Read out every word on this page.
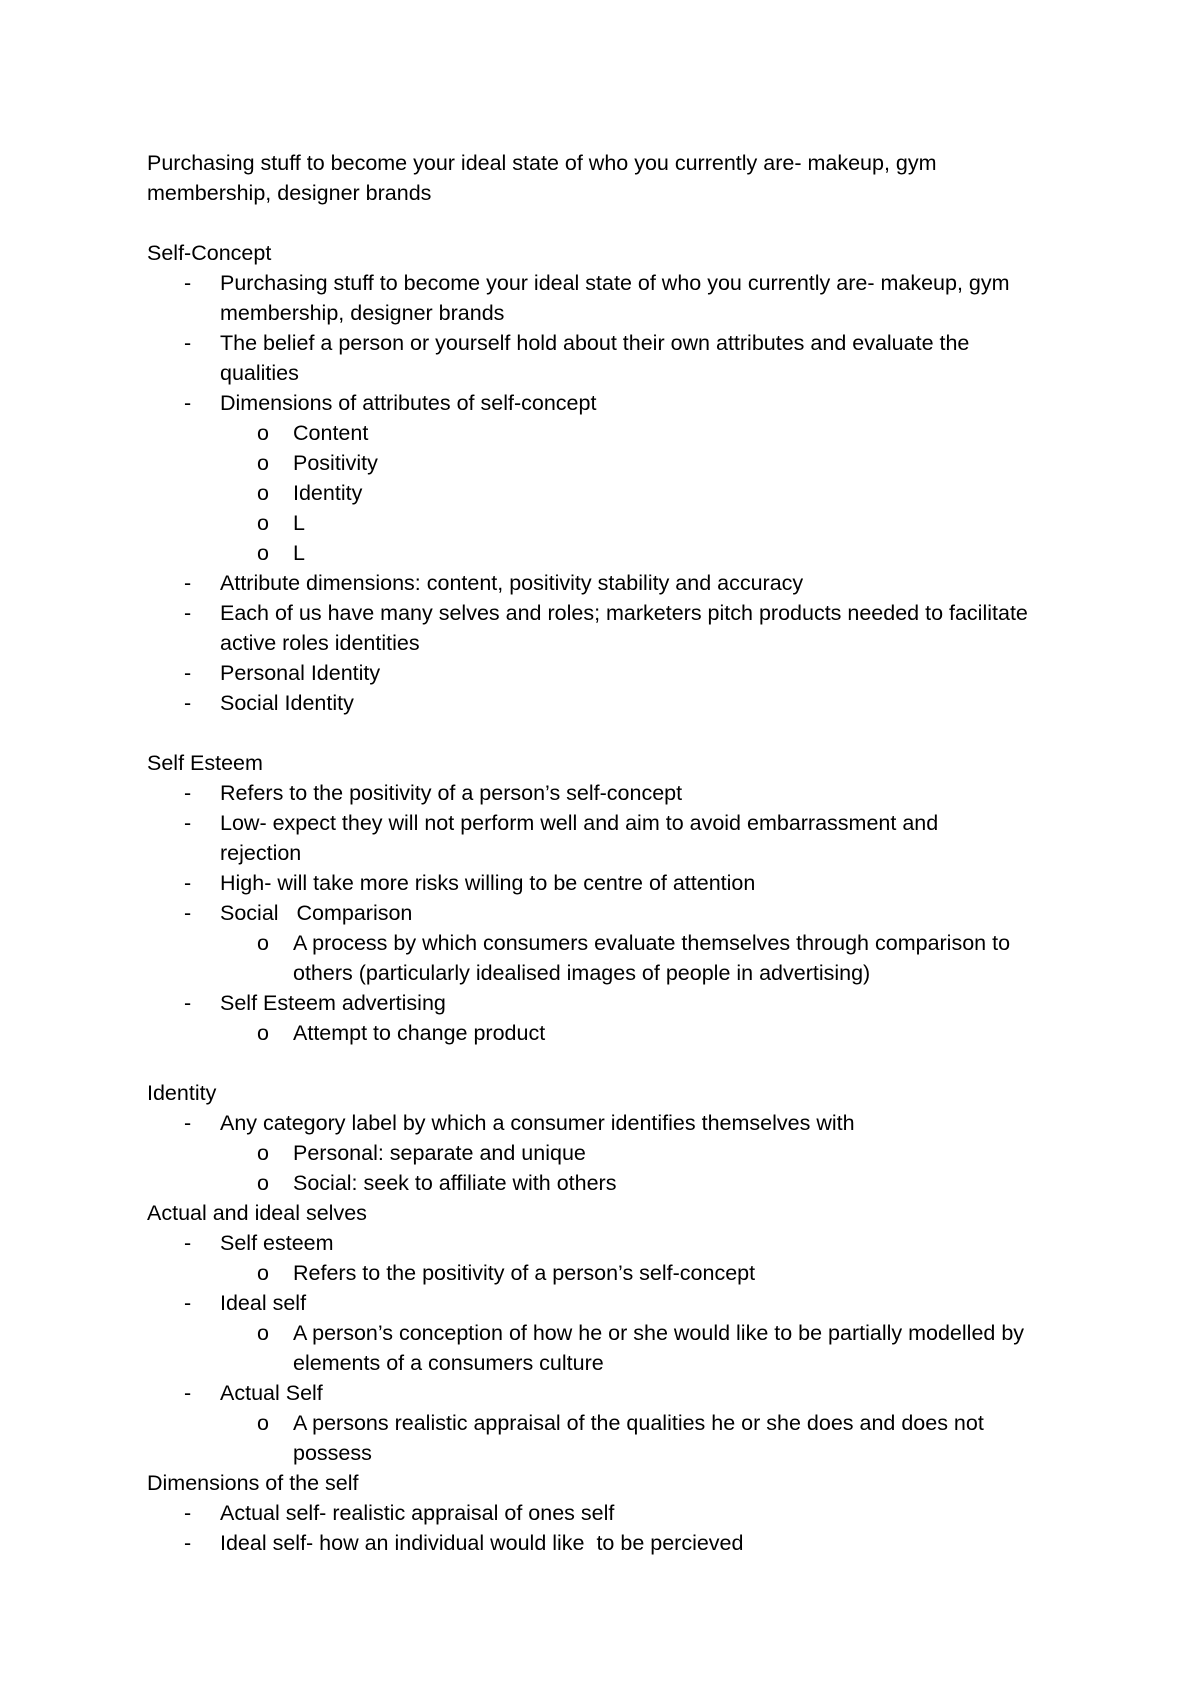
Purchasing stuff to become your ideal state of who you currently are- makeup, gym
membership, designer brands
Self-Concept
- Purchasing stuff to become your ideal state of who you currently are- makeup, gym
membership, designer brands
- The belief a person or yourself hold about their own attributes and evaluate the
qualities
- Dimensions of attributes of self-concept
o Content
o Positivity
o Identity
o L
o L
- Attribute dimensions: content, positivity stability and accuracy
- Each of us have many selves and roles; marketers pitch products needed to facilitate
active roles identities
- Personal Identity
- Social Identity
Self Esteem
- Refers to the positivity of a person’s self-concept
- Low- expect they will not perform well and aim to avoid embarrassment and
rejection
- High- will take more risks willing to be centre of attention
- Social   Comparison
o A process by which consumers evaluate themselves through comparison to
others (particularly idealised images of people in advertising)
- Self Esteem advertising
o Attempt to change product
Identity
- Any category label by which a consumer identifies themselves with
o Personal: separate and unique
o Social: seek to affiliate with others
Actual and ideal selves
- Self esteem
o Refers to the positivity of a person’s self-concept
- Ideal self
o A person’s conception of how he or she would like to be partially modelled by
elements of a consumers culture
- Actual Self
o A persons realistic appraisal of the qualities he or she does and does not
possess
Dimensions of the self
- Actual self- realistic appraisal of ones self
- Ideal self- how an individual would like  to be percieved
